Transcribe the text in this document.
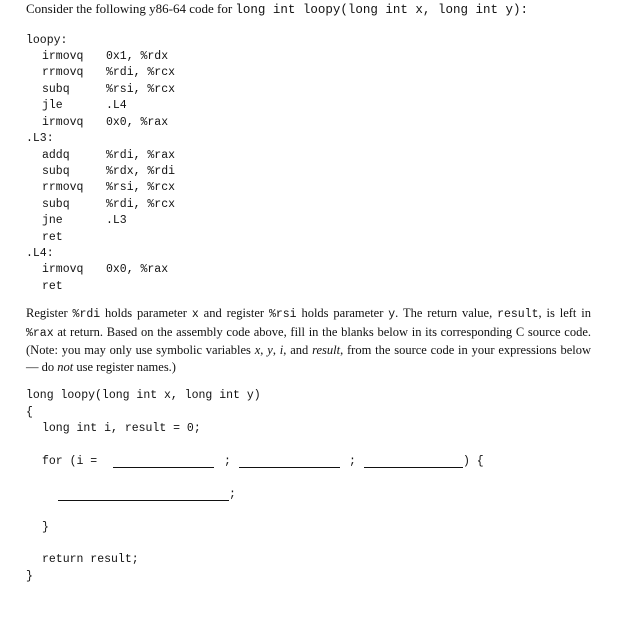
Consider the following y86-64 code for long int loopy(long int x, long int y):
loopy:
irmovq 0x1, %rdx
rrmovq %rdi, %rcx
subq	%rsi, %rcx
jle	.L4
irmovq 0x0, %rax
.L3:
addq	%rdi, %rax
subq	%rdx, %rdi
rrmovq %rsi, %rcx
subq	%rdi, %rcx
jne	.L3
ret
.L4:
irmovq 0x0, %rax
ret
Register %rdi holds parameter x and register %rsi holds parameter y. The return value, result, is left in %rax at return. Based on the assembly code above, fill in the blanks below in its corresponding C source code. (Note: you may only use symbolic variables x, y, i, and result, from the source code in your expressions below — do not use register names.)
long loopy(long int x, long int y)
{
long int i, result = 0;
for (i =	;	;	) {
;
}
return result;
}
